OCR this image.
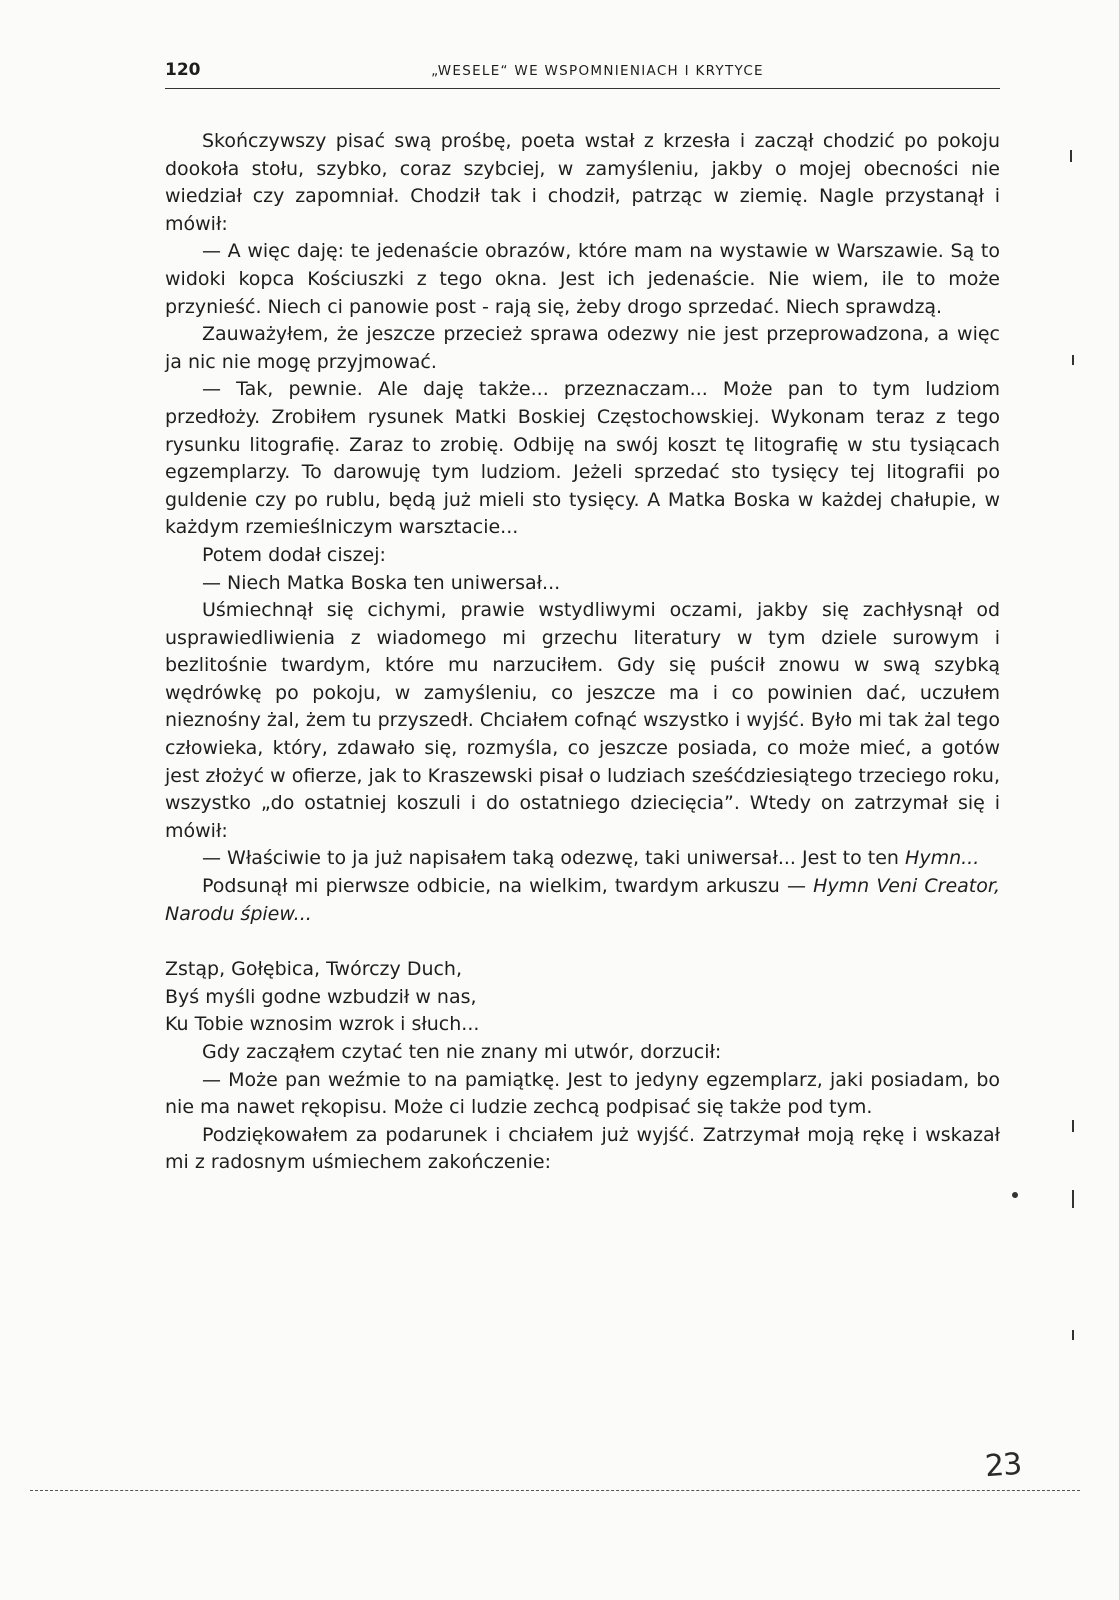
120	„WESELE“ WE WSPOMNIENIACH I KRYTYCE

Skończywszy pisać swą prośbę, poeta wstał z krzesła i zaczął chodzić po pokoju dookoła stołu, szybko, coraz szybciej, w zamyśleniu, jakby o mojej obecności nie wiedział czy zapomniał. Chodził tak i chodził, patrząc w ziemię. Nagle przystanął i mówił:

— A więc daję: te jedenaście obrazów, które mam na wystawie w Warszawie. Są to widoki kopca Kościuszki z tego okna. Jest ich jedenaście. Nie wiem, ile to może przynieść. Niech ci panowie post - rają się, żeby drogo sprzedać. Niech sprawdzą.

Zauważyłem, że jeszcze przecież sprawa odezwy nie jest przeprowadzona, a więc ja nic nie mogę przyjmować.

— Tak, pewnie. Ale daję także... przeznaczam... Może pan to tym ludziom przedłoży. Zrobiłem rysunek Matki Boskiej Częstochowskiej. Wykonam teraz z tego rysunku litografię. Zaraz to zrobię. Odbiję na swój koszt tę litografię w stu tysiącach egzemplarzy. To darowuję tym ludziom. Jeżeli sprzedać sto tysięcy tej litografii po guldenie czy po rublu, będą już mieli sto tysięcy. A Matka Boska w każdej chałupie, w każdym rzemieślniczym warsztacie...

Potem dodał ciszej:

— Niech Matka Boska ten uniwersał...

Uśmiechnął się cichymi, prawie wstydliwymi oczami, jakby się zachłysnął od usprawiedliwienia z wiadomego mi grzechu literatury w tym dziele surowym i bezlitośnie twardym, które mu narzuciłem. Gdy się puścił znowu w swą szybką wędrówkę po pokoju, w zamyśleniu, co jeszcze ma i co powinien dać, uczułem nieznośny żal, żem tu przyszedł. Chciałem cofnąć wszystko i wyjść. Było mi tak żal tego człowieka, który, zdawało się, rozmyśla, co jeszcze posiada, co może mieć, a gotów jest złożyć w ofierze, jak to Kraszewski pisał o ludziach sześćdziesiątego trzeciego roku, wszystko „do ostatniej koszuli i do ostatniego dziecięcia”. Wtedy on zatrzymał się i mówił:

— Właściwie to ja już napisałem taką odezwę, taki uniwersał... Jest to ten Hymn...

Podsunął mi pierwsze odbicie, na wielkim, twardym arkuszu — Hymn Veni Creator, Narodu śpiew...

Zstąp, Gołębica, Twórczy Duch,
Byś myśli godne wzbudził w nas,
Ku Tobie wznosim wzrok i słuch...

Gdy zacząłem czytać ten nie znany mi utwór, dorzucił:

— Może pan weźmie to na pamiątkę. Jest to jedyny egzemplarz, jaki posiadam, bo nie ma nawet rękopisu. Może ci ludzie zechcą podpisać się także pod tym.

Podziękowałem za podarunek i chciałem już wyjść. Zatrzymał moją rękę i wskazał mi z radosnym uśmiechem zakończenie:

23
